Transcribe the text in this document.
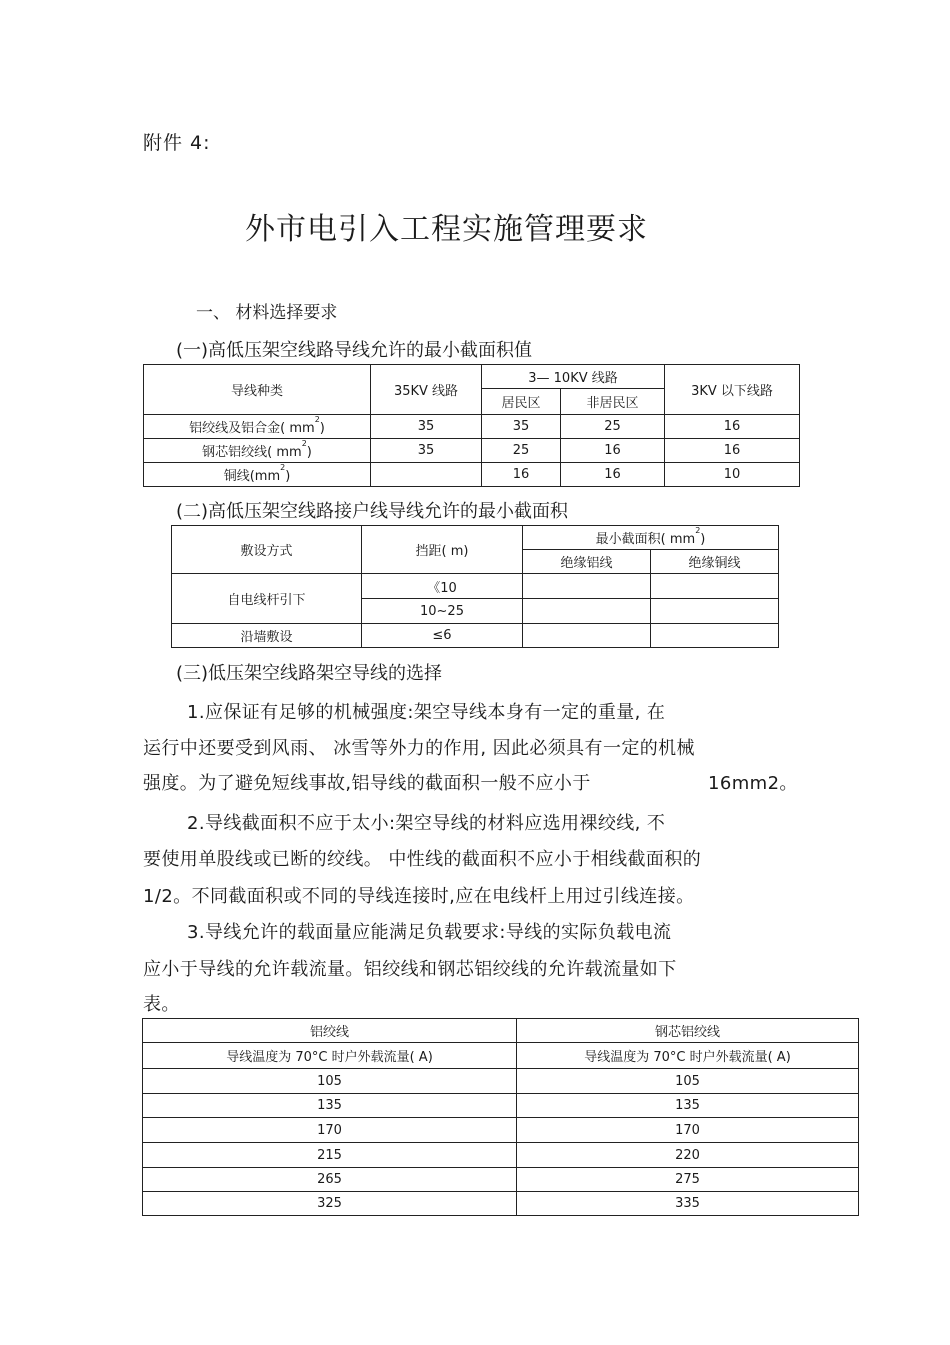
附件 4:
外市电引入工程实施管理要求
一、 材料选择要求
(一)高低压架空线路导线允许的最小截面积值
导线种类	35KV 线路	3— 10KV 线路		3KV 以下线路
		居民区	非居民区	
铝绞线及铝合金( $mm^2$)	35	35	25	16
钢芯铝绞线( $mm^2$)	35	25	16	16
铜线$(mm^2)$		16	16	10
(二)高低压架空线路接户线导线允许的最小截面积
敷设方式	挡距( m)	最小截面积( $mm^2$)	
		绝缘铝线	绝缘铜线
自电线杆引下	《10		
	10~25		
沿墙敷设	≤6		
(三)低压架空线路架空导线的选择
1.应保证有足够的机械强度:架空导线本身有一定的重量, 在
运行中还要受到风雨、 冰雪等外力的作用, 因此必须具有一定的机械
强度。为了避免短线事故,铝导线的截面积一般不应小于	16mm2。
2.导线截面积不应于太小:架空导线的材料应选用裸绞线, 不
要使用单股线或已断的绞线。 中性线的截面积不应小于相线截面积的
1/2。不同截面积或不同的导线连接时,应在电线杆上用过引线连接。
3.导线允许的载面量应能满足负载要求:导线的实际负载电流
应小于导线的允许载流量。铝绞线和钢芯铝绞线的允许载流量如下
表。
铝绞线	钢芯铝绞线
导线温度为 70°C 时户外载流量( A)	导线温度为 70°C 时户外载流量( A)
105	105
135	135
170	170
215	220
265	275
325	335
